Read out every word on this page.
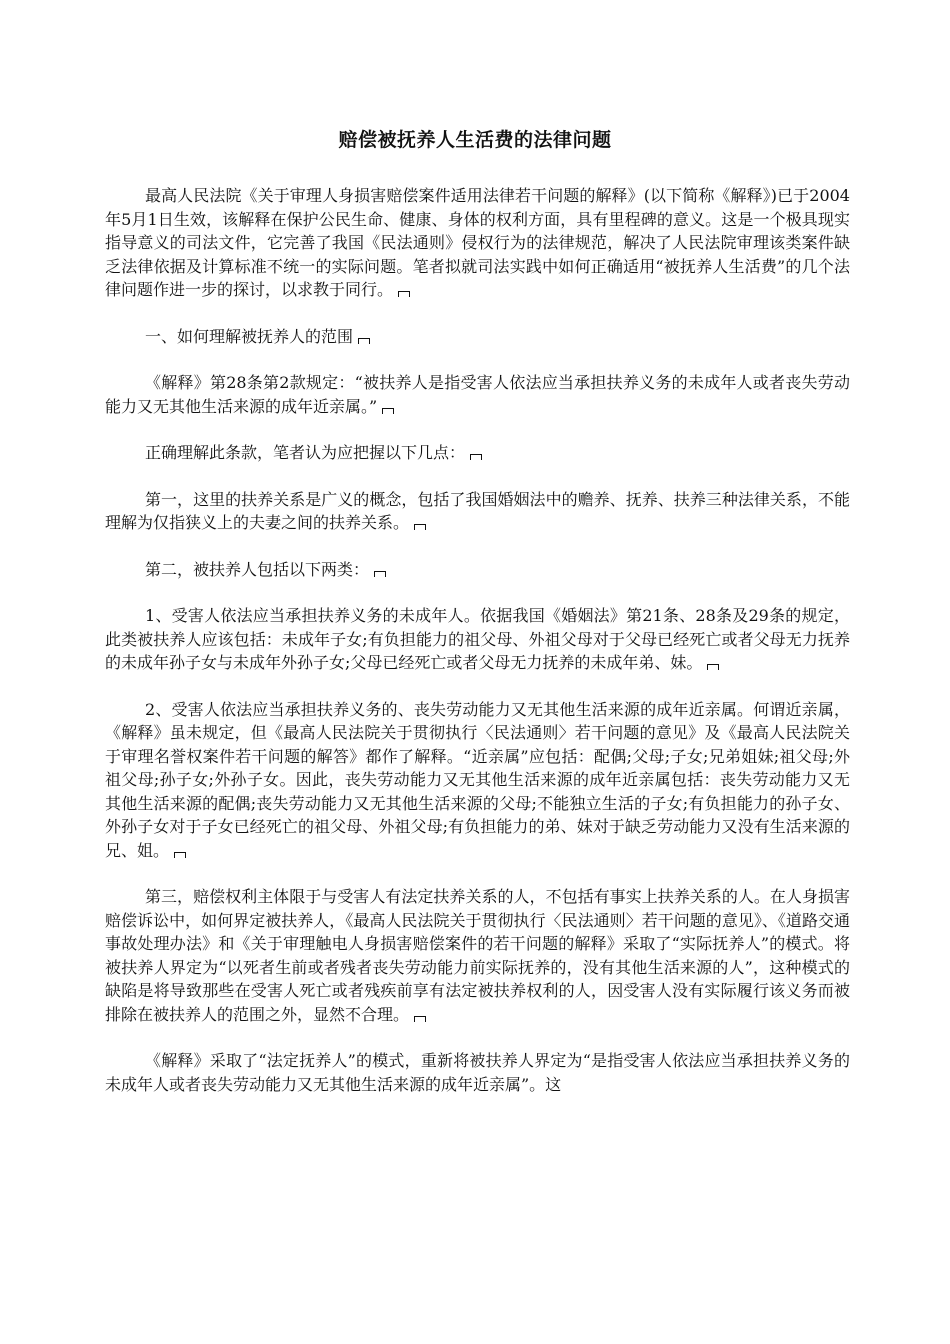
赔偿被抚养人生活费的法律问题

最高人民法院《关于审理人身损害赔偿案件适用法律若干问题的解释》(以下简称《解释》)已于2004年5月1日生效，该解释在保护公民生命、健康、身体的权利方面，具有里程碑的意义。这是一个极具现实指导意义的司法文件，它完善了我国《民法通则》侵权行为的法律规范，解决了人民法院审理该类案件缺乏法律依据及计算标准不统一的实际问题。笔者拟就司法实践中如何正确适用“被抚养人生活费”的几个法律问题作进一步的探讨，以求教于同行。

一、如何理解被抚养人的范围

《解释》第28条第2款规定：“被扶养人是指受害人依法应当承担扶养义务的未成年人或者丧失劳动能力又无其他生活来源的成年近亲属。”

正确理解此条款，笔者认为应把握以下几点：

第一，这里的扶养关系是广义的概念，包括了我国婚姻法中的赡养、抚养、扶养三种法律关系，不能理解为仅指狭义上的夫妻之间的扶养关系。

第二，被扶养人包括以下两类：

1、受害人依法应当承担扶养义务的未成年人。依据我国《婚姻法》第21条、28条及29条的规定，此类被扶养人应该包括：未成年子女;有负担能力的祖父母、外祖父母对于父母已经死亡或者父母无力抚养的未成年孙子女与未成年外孙子女;父母已经死亡或者父母无力抚养的未成年弟、妹。

2、受害人依法应当承担扶养义务的、丧失劳动能力又无其他生活来源的成年近亲属。何谓近亲属，《解释》虽未规定，但《最高人民法院关于贯彻执行〈民法通则〉若干问题的意见》及《最高人民法院关于审理名誉权案件若干问题的解答》都作了解释。“近亲属”应包括：配偶;父母;子女;兄弟姐妹;祖父母;外祖父母;孙子女;外孙子女。因此，丧失劳动能力又无其他生活来源的成年近亲属包括：丧失劳动能力又无其他生活来源的配偶;丧失劳动能力又无其他生活来源的父母;不能独立生活的子女;有负担能力的孙子女、外孙子女对于子女已经死亡的祖父母、外祖父母;有负担能力的弟、妹对于缺乏劳动能力又没有生活来源的兄、姐。

第三，赔偿权利主体限于与受害人有法定扶养关系的人，不包括有事实上扶养关系的人。在人身损害赔偿诉讼中，如何界定被扶养人，《最高人民法院关于贯彻执行〈民法通则〉若干问题的意见》、《道路交通事故处理办法》和《关于审理触电人身损害赔偿案件的若干问题的解释》采取了“实际抚养人”的模式。将被扶养人界定为“以死者生前或者残者丧失劳动能力前实际抚养的，没有其他生活来源的人”，这种模式的缺陷是将导致那些在受害人死亡或者残疾前享有法定被扶养权利的人，因受害人没有实际履行该义务而被排除在被扶养人的范围之外，显然不合理。

《解释》采取了“法定抚养人”的模式，重新将被扶养人界定为“是指受害人依法应当承担扶养义务的未成年人或者丧失劳动能力又无其他生活来源的成年近亲属”。这
